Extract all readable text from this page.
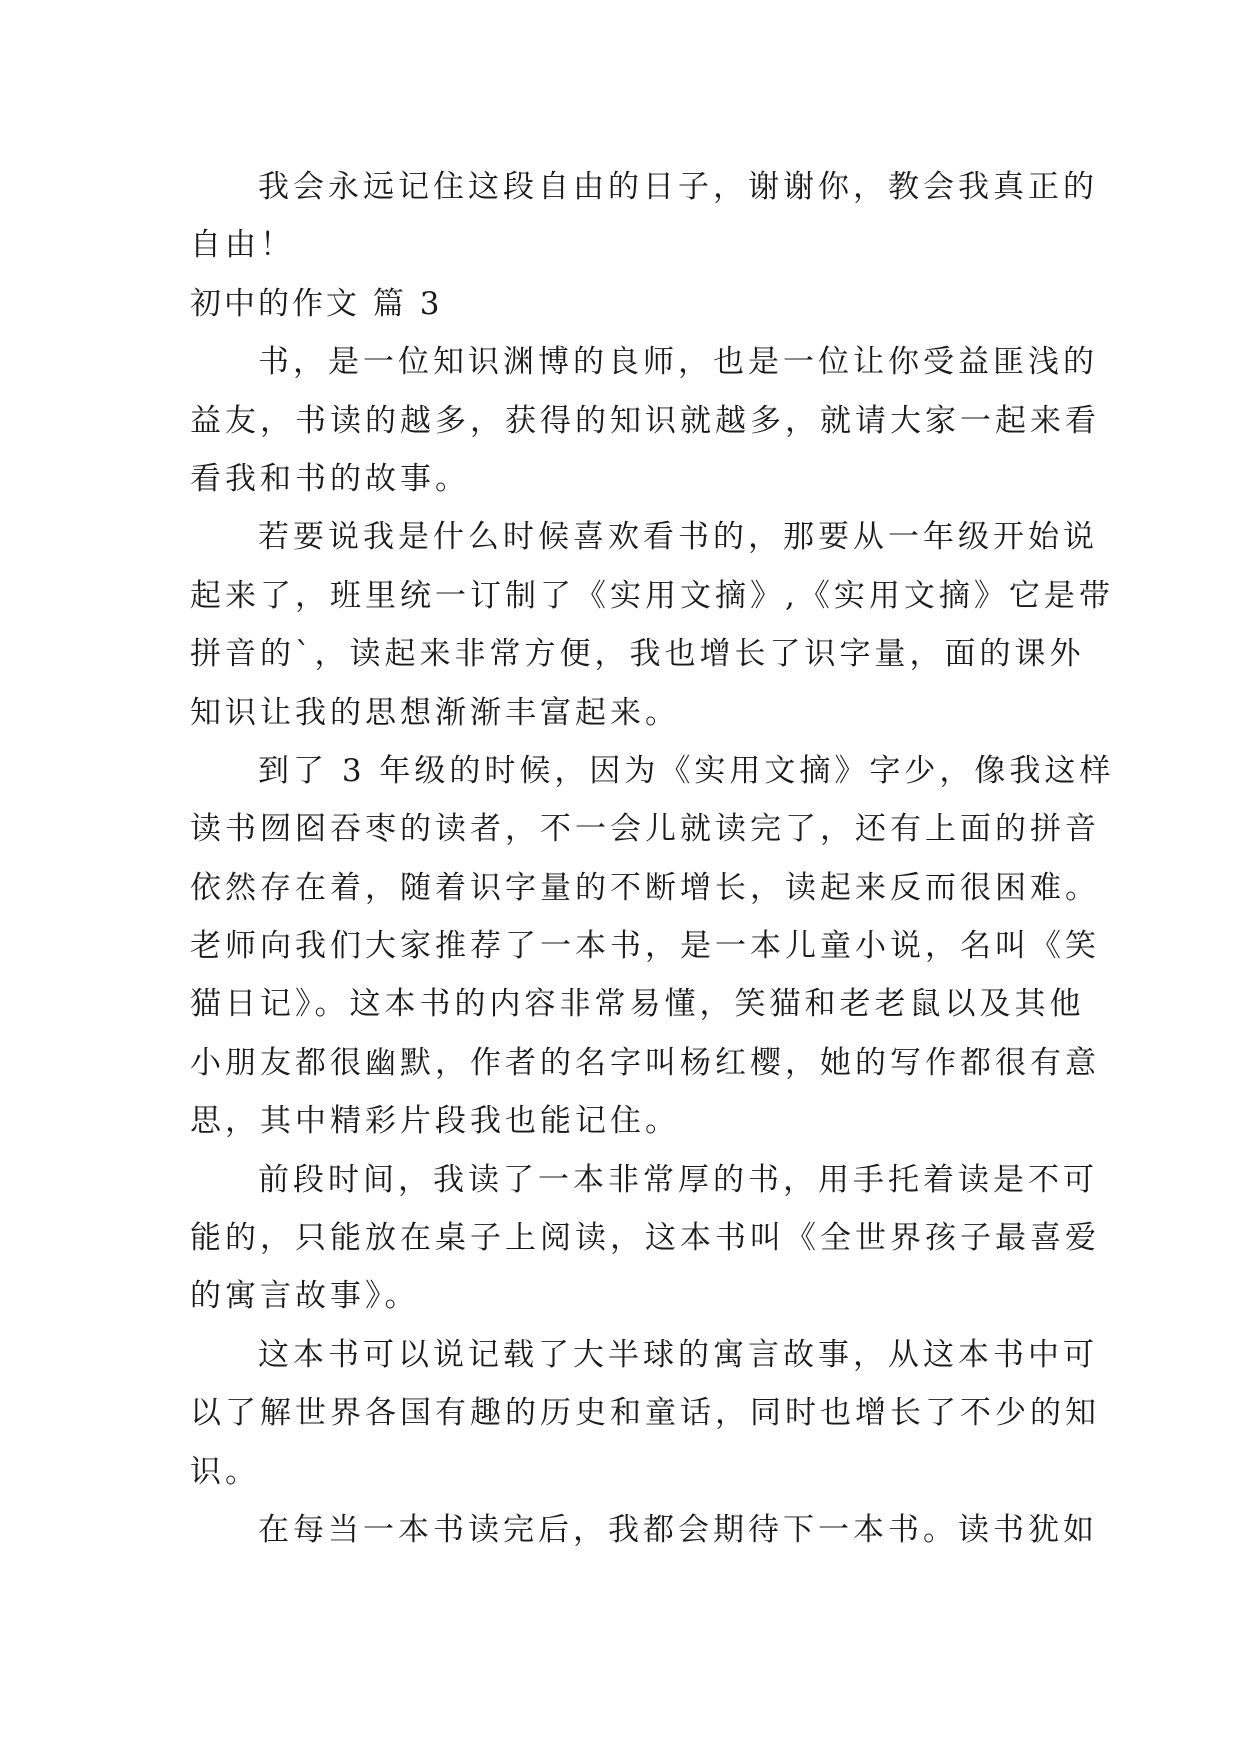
我会永远记住这段自由的日子，谢谢你，教会我真正的
自由！
初中的作文 篇 3
书，是一位知识渊博的良师，也是一位让你受益匪浅的
益友，书读的越多，获得的知识就越多，就请大家一起来看
看我和书的故事。
若要说我是什么时候喜欢看书的，那要从一年级开始说
起来了，班里统一订制了《实用文摘》,《实用文摘》它是带
拼音的`，读起来非常方便，我也增长了识字量，面的课外
知识让我的思想渐渐丰富起来。
到了 3 年级的时候，因为《实用文摘》字少，像我这样
读书囫囵吞枣的读者，不一会儿就读完了，还有上面的拼音
依然存在着，随着识字量的不断增长，读起来反而很困难。
老师向我们大家推荐了一本书，是一本儿童小说，名叫《笑
猫日记》。这本书的内容非常易懂，笑猫和老老鼠以及其他
小朋友都很幽默，作者的名字叫杨红樱，她的写作都很有意
思，其中精彩片段我也能记住。
前段时间，我读了一本非常厚的书，用手托着读是不可
能的，只能放在桌子上阅读，这本书叫《全世界孩子最喜爱
的寓言故事》。
这本书可以说记载了大半球的寓言故事，从这本书中可
以了解世界各国有趣的历史和童话，同时也增长了不少的知
识。
在每当一本书读完后，我都会期待下一本书。读书犹如
